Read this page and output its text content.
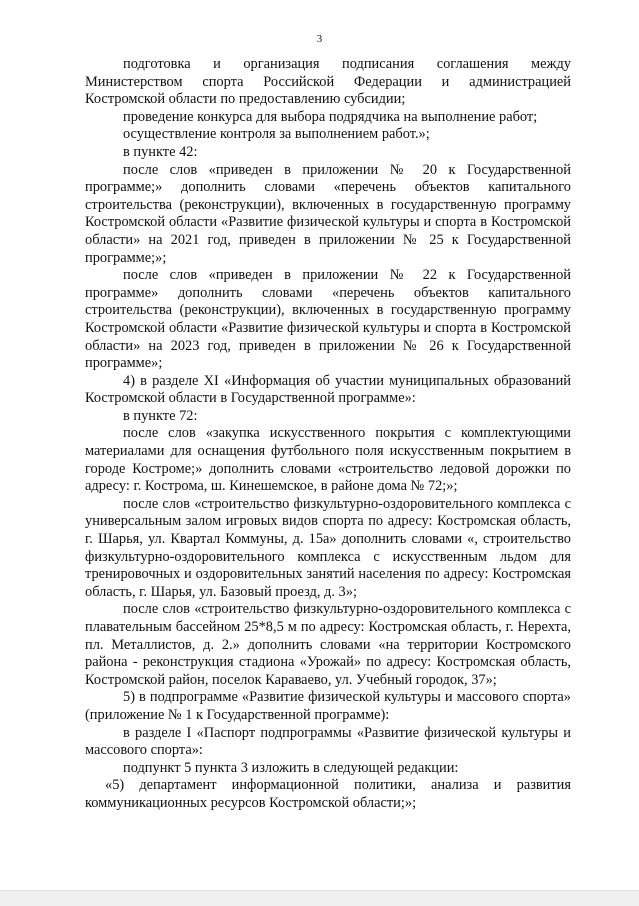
3

подготовка и организация подписания соглашения между Министерством спорта Российской Федерации и администрацией Костромской области по предоставлению субсидии;

проведение конкурса для выбора подрядчика на выполнение работ;

осуществление контроля за выполнением работ.»;

в пункте 42:

после слов «приведен в приложении № 20 к Государственной программе;» дополнить словами «перечень объектов капитального строительства (реконструкции), включенных в государственную программу Костромской области «Развитие физической культуры и спорта в Костромской области» на 2021 год, приведен в приложении № 25 к Государственной программе;»;

после слов «приведен в приложении № 22 к Государственной программе» дополнить словами «перечень объектов капитального строительства (реконструкции), включенных в государственную программу Костромской области «Развитие физической культуры и спорта в Костромской области» на 2023 год, приведен в приложении № 26 к Государственной программе»;

4) в разделе XI «Информация об участии муниципальных образований Костромской области в Государственной программе»:

в пункте 72:

после слов «закупка искусственного покрытия с комплектующими материалами для оснащения футбольного поля искусственным покрытием в городе Костроме;» дополнить словами «строительство ледовой дорожки по адресу: г. Кострома, ш. Кинешемское, в районе дома № 72;»;

после слов «строительство физкультурно-оздоровительного комплекса с универсальным залом игровых видов спорта по адресу: Костромская область, г. Шарья, ул. Квартал Коммуны, д. 15а» дополнить словами «, строительство физкультурно-оздоровительного комплекса с искусственным льдом для тренировочных и оздоровительных занятий населения по адресу: Костромская область, г. Шарья, ул. Базовый проезд, д. 3»;

после слов «строительство физкультурно-оздоровительного комплекса с плавательным бассейном 25*8,5 м по адресу: Костромская область, г. Нерехта, пл. Металлистов, д. 2.» дополнить словами «на территории Костромского района - реконструкция стадиона «Урожай» по адресу: Костромская область, Костромской район, поселок Караваево, ул. Учебный городок, 37»;

5) в подпрограмме «Развитие физической культуры и массового спорта» (приложение № 1 к Государственной программе):

в разделе I «Паспорт подпрограммы «Развитие физической культуры и массового спорта»:

подпункт 5 пункта 3 изложить в следующей редакции:

«5) департамент информационной политики, анализа и развития коммуникационных ресурсов Костромской области;»;
